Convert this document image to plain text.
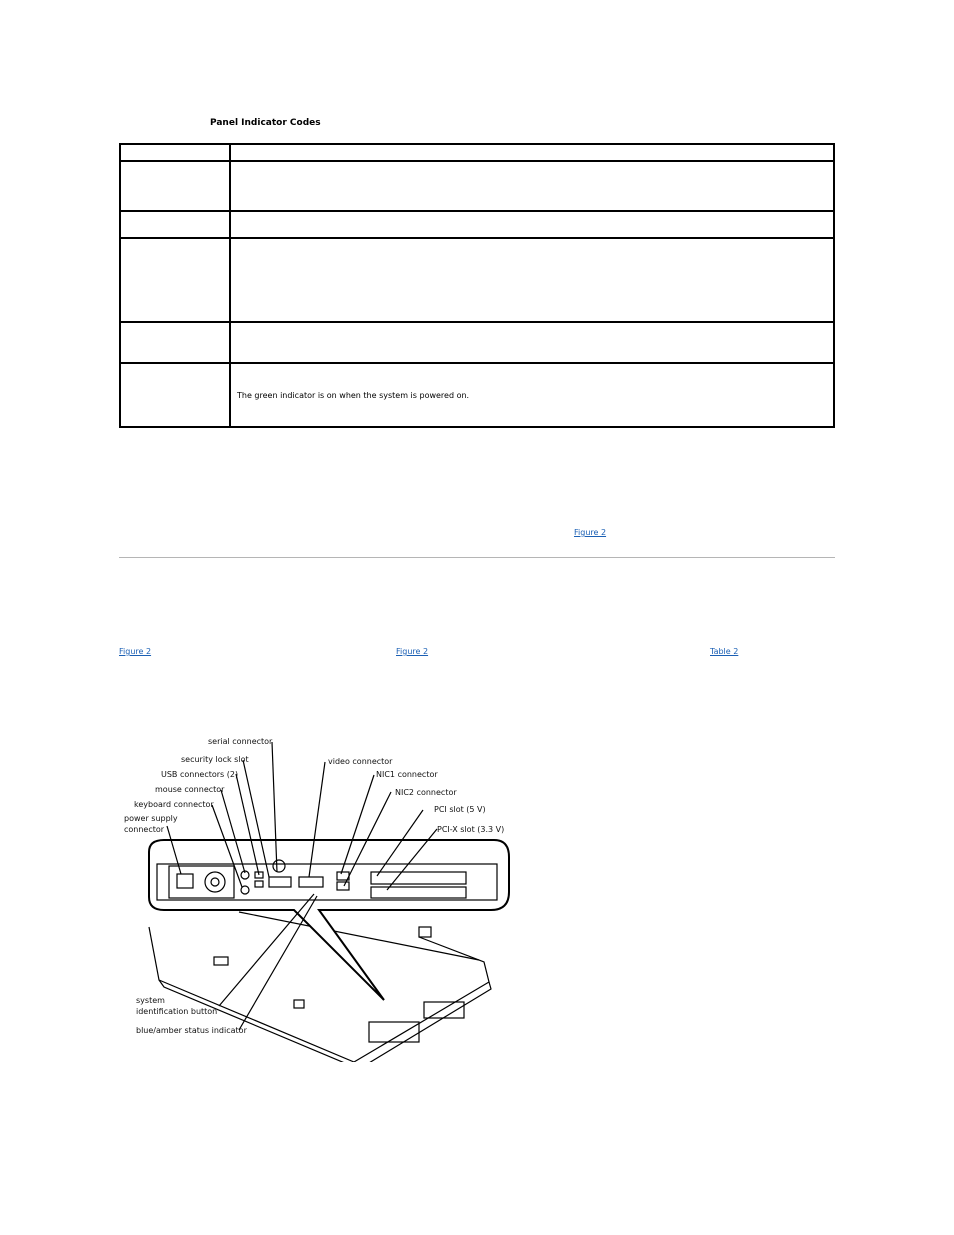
Panel Indicator Codes

	The green indicator is on when the system is powered on.
Figure 2
Figure 2	Figure 2	Table 2
serial connector
security lock slot
USB connectors (2)
mouse connector
keyboard connector
power supply
connector
video connector
NIC1 connector
NIC2 connector
PCI slot (5 V)
PCI-X slot (3.3 V)
system
identification button
blue/amber status indicator
